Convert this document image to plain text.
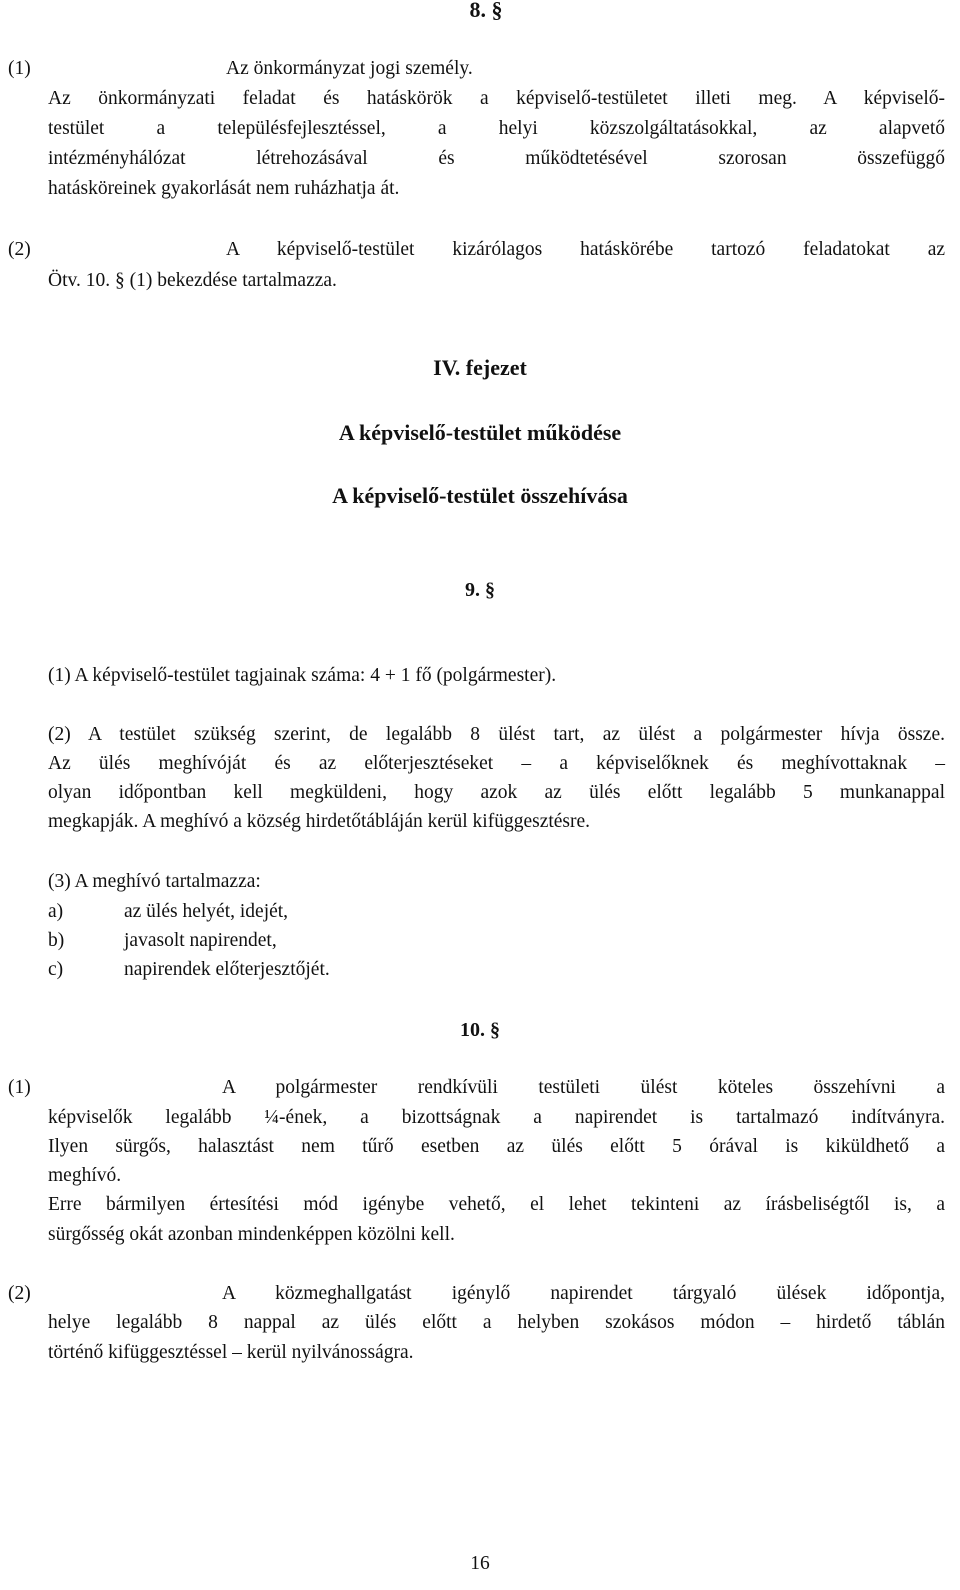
8. §
(1)	Az önkormányzat jogi személy.
Az önkormányzati feladat és hatáskörök a képviselő-testületet illeti meg. A képviselő-
testület a településfejlesztéssel, a helyi közszolgáltatásokkal, az alapvető
intézményhálózat létrehozásával és működtetésével szorosan összefüggő
hatásköreinek gyakorlását nem ruházhatja át.
(2)	A képviselő-testület kizárólagos hatáskörébe tartozó feladatokat az
Ötv. 10. § (1) bekezdése tartalmazza.
IV. fejezet
A képviselő-testület működése
A képviselő-testület összehívása
9. §
(1) A képviselő-testület tagjainak száma: 4 + 1 fő (polgármester).
(2) A testület szükség szerint, de legalább 8 ülést tart, az ülést a polgármester hívja össze.
Az ülés meghívóját és az előterjesztéseket – a képviselőknek és meghívottaknak –
olyan időpontban kell megküldeni, hogy azok az ülés előtt legalább 5 munkanappal
megkapják. A meghívó a község hirdetőtábláján kerül kifüggesztésre.
(3) A meghívó tartalmazza:
a)	az ülés helyét, idejét,
b)	javasolt napirendet,
c)	napirendek előterjesztőjét.
10. §
(1)	A polgármester rendkívüli testületi ülést köteles összehívni a
képviselők legalább ¼-ének, a bizottságnak a napirendet is tartalmazó indítványra.
Ilyen sürgős, halasztást nem tűrő esetben az ülés előtt 5 órával is kiküldhető a
meghívó.
Erre bármilyen értesítési mód igénybe vehető, el lehet tekinteni az írásbeliségtől is, a
sürgősség okát azonban mindenképpen közölni kell.
(2)	A közmeghallgatást igénylő napirendet tárgyaló ülések időpontja,
helye legalább 8 nappal az ülés előtt a helyben szokásos módon – hirdető táblán
történő kifüggesztéssel – kerül nyilvánosságra.
16
